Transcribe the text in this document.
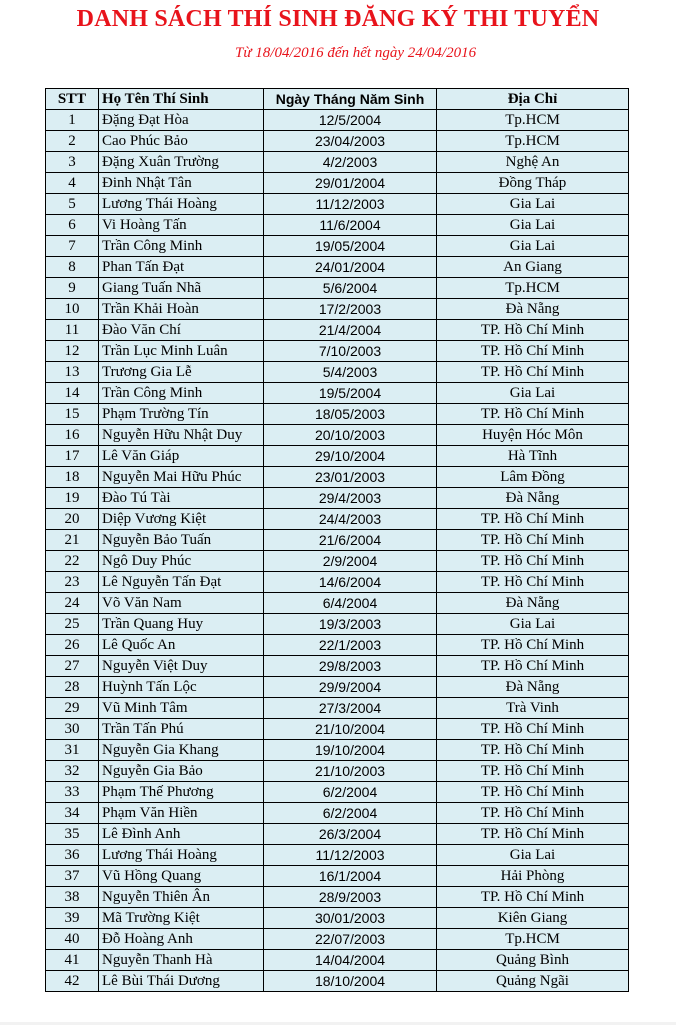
DANH SÁCH THÍ SINH ĐĂNG KÝ THI TUYỂN
Từ 18/04/2016 đến hết ngày 24/04/2016
STT	Họ Tên Thí Sinh	Ngày Tháng Năm Sinh	Địa Chỉ
1	Đặng Đạt Hòa	12/5/2004	Tp.HCM
2	Cao Phúc Bảo	23/04/2003	Tp.HCM
3	Đặng Xuân Trường	4/2/2003	Nghệ An
4	Đinh Nhật Tân	29/01/2004	Đồng Tháp
5	Lương Thái Hoàng	11/12/2003	Gia Lai
6	Vi Hoàng Tấn	11/6/2004	Gia Lai
7	Trần Công Minh	19/05/2004	Gia Lai
8	Phan Tấn Đạt	24/01/2004	An Giang
9	Giang Tuấn Nhã	5/6/2004	Tp.HCM
10	Trần Khải Hoàn	17/2/2003	Đà Nẵng
11	Đào Văn Chí	21/4/2004	TP. Hồ Chí Minh
12	Trần Lục Minh Luân	7/10/2003	TP. Hồ Chí Minh
13	Trương Gia Lễ	5/4/2003	TP. Hồ Chí Minh
14	Trần Công Minh	19/5/2004	Gia Lai
15	Phạm Trường Tín	18/05/2003	TP. Hồ Chí Minh
16	Nguyễn Hữu Nhật Duy	20/10/2003	Huyện Hóc Môn
17	Lê Văn Giáp	29/10/2004	Hà Tĩnh
18	Nguyễn Mai Hữu Phúc	23/01/2003	Lâm Đồng
19	Đào Tú Tài	29/4/2003	Đà Nẵng
20	Diệp Vương Kiệt	24/4/2003	TP. Hồ Chí Minh
21	Nguyễn Bảo Tuấn	21/6/2004	TP. Hồ Chí Minh
22	Ngô Duy Phúc	2/9/2004	TP. Hồ Chí Minh
23	Lê Nguyễn Tấn Đạt	14/6/2004	TP. Hồ Chí Minh
24	Võ Văn Nam	6/4/2004	Đà Nẵng
25	Trần Quang Huy	19/3/2003	Gia Lai
26	Lê Quốc An	22/1/2003	TP. Hồ Chí Minh
27	Nguyễn Việt Duy	29/8/2003	TP. Hồ Chí Minh
28	Huỳnh Tấn Lộc	29/9/2004	Đà Nẵng
29	Vũ Minh Tâm	27/3/2004	Trà Vinh
30	Trần Tấn Phú	21/10/2004	TP. Hồ Chí Minh
31	Nguyễn Gia Khang	19/10/2004	TP. Hồ Chí Minh
32	Nguyễn Gia Bảo	21/10/2003	TP. Hồ Chí Minh
33	Phạm Thế Phương	6/2/2004	TP. Hồ Chí Minh
34	Phạm Văn Hiền	6/2/2004	TP. Hồ Chí Minh
35	Lê Đình Anh	26/3/2004	TP. Hồ Chí Minh
36	Lương Thái Hoàng	11/12/2003	Gia Lai
37	Vũ Hồng Quang	16/1/2004	Hải Phòng
38	Nguyễn Thiên Ân	28/9/2003	TP. Hồ Chí Minh
39	Mã Trường Kiệt	30/01/2003	Kiên Giang
40	Đỗ Hoàng Anh	22/07/2003	Tp.HCM
41	Nguyễn Thanh Hà	14/04/2004	Quảng Bình
42	Lê Bùi Thái Dương	18/10/2004	Quảng Ngãi
